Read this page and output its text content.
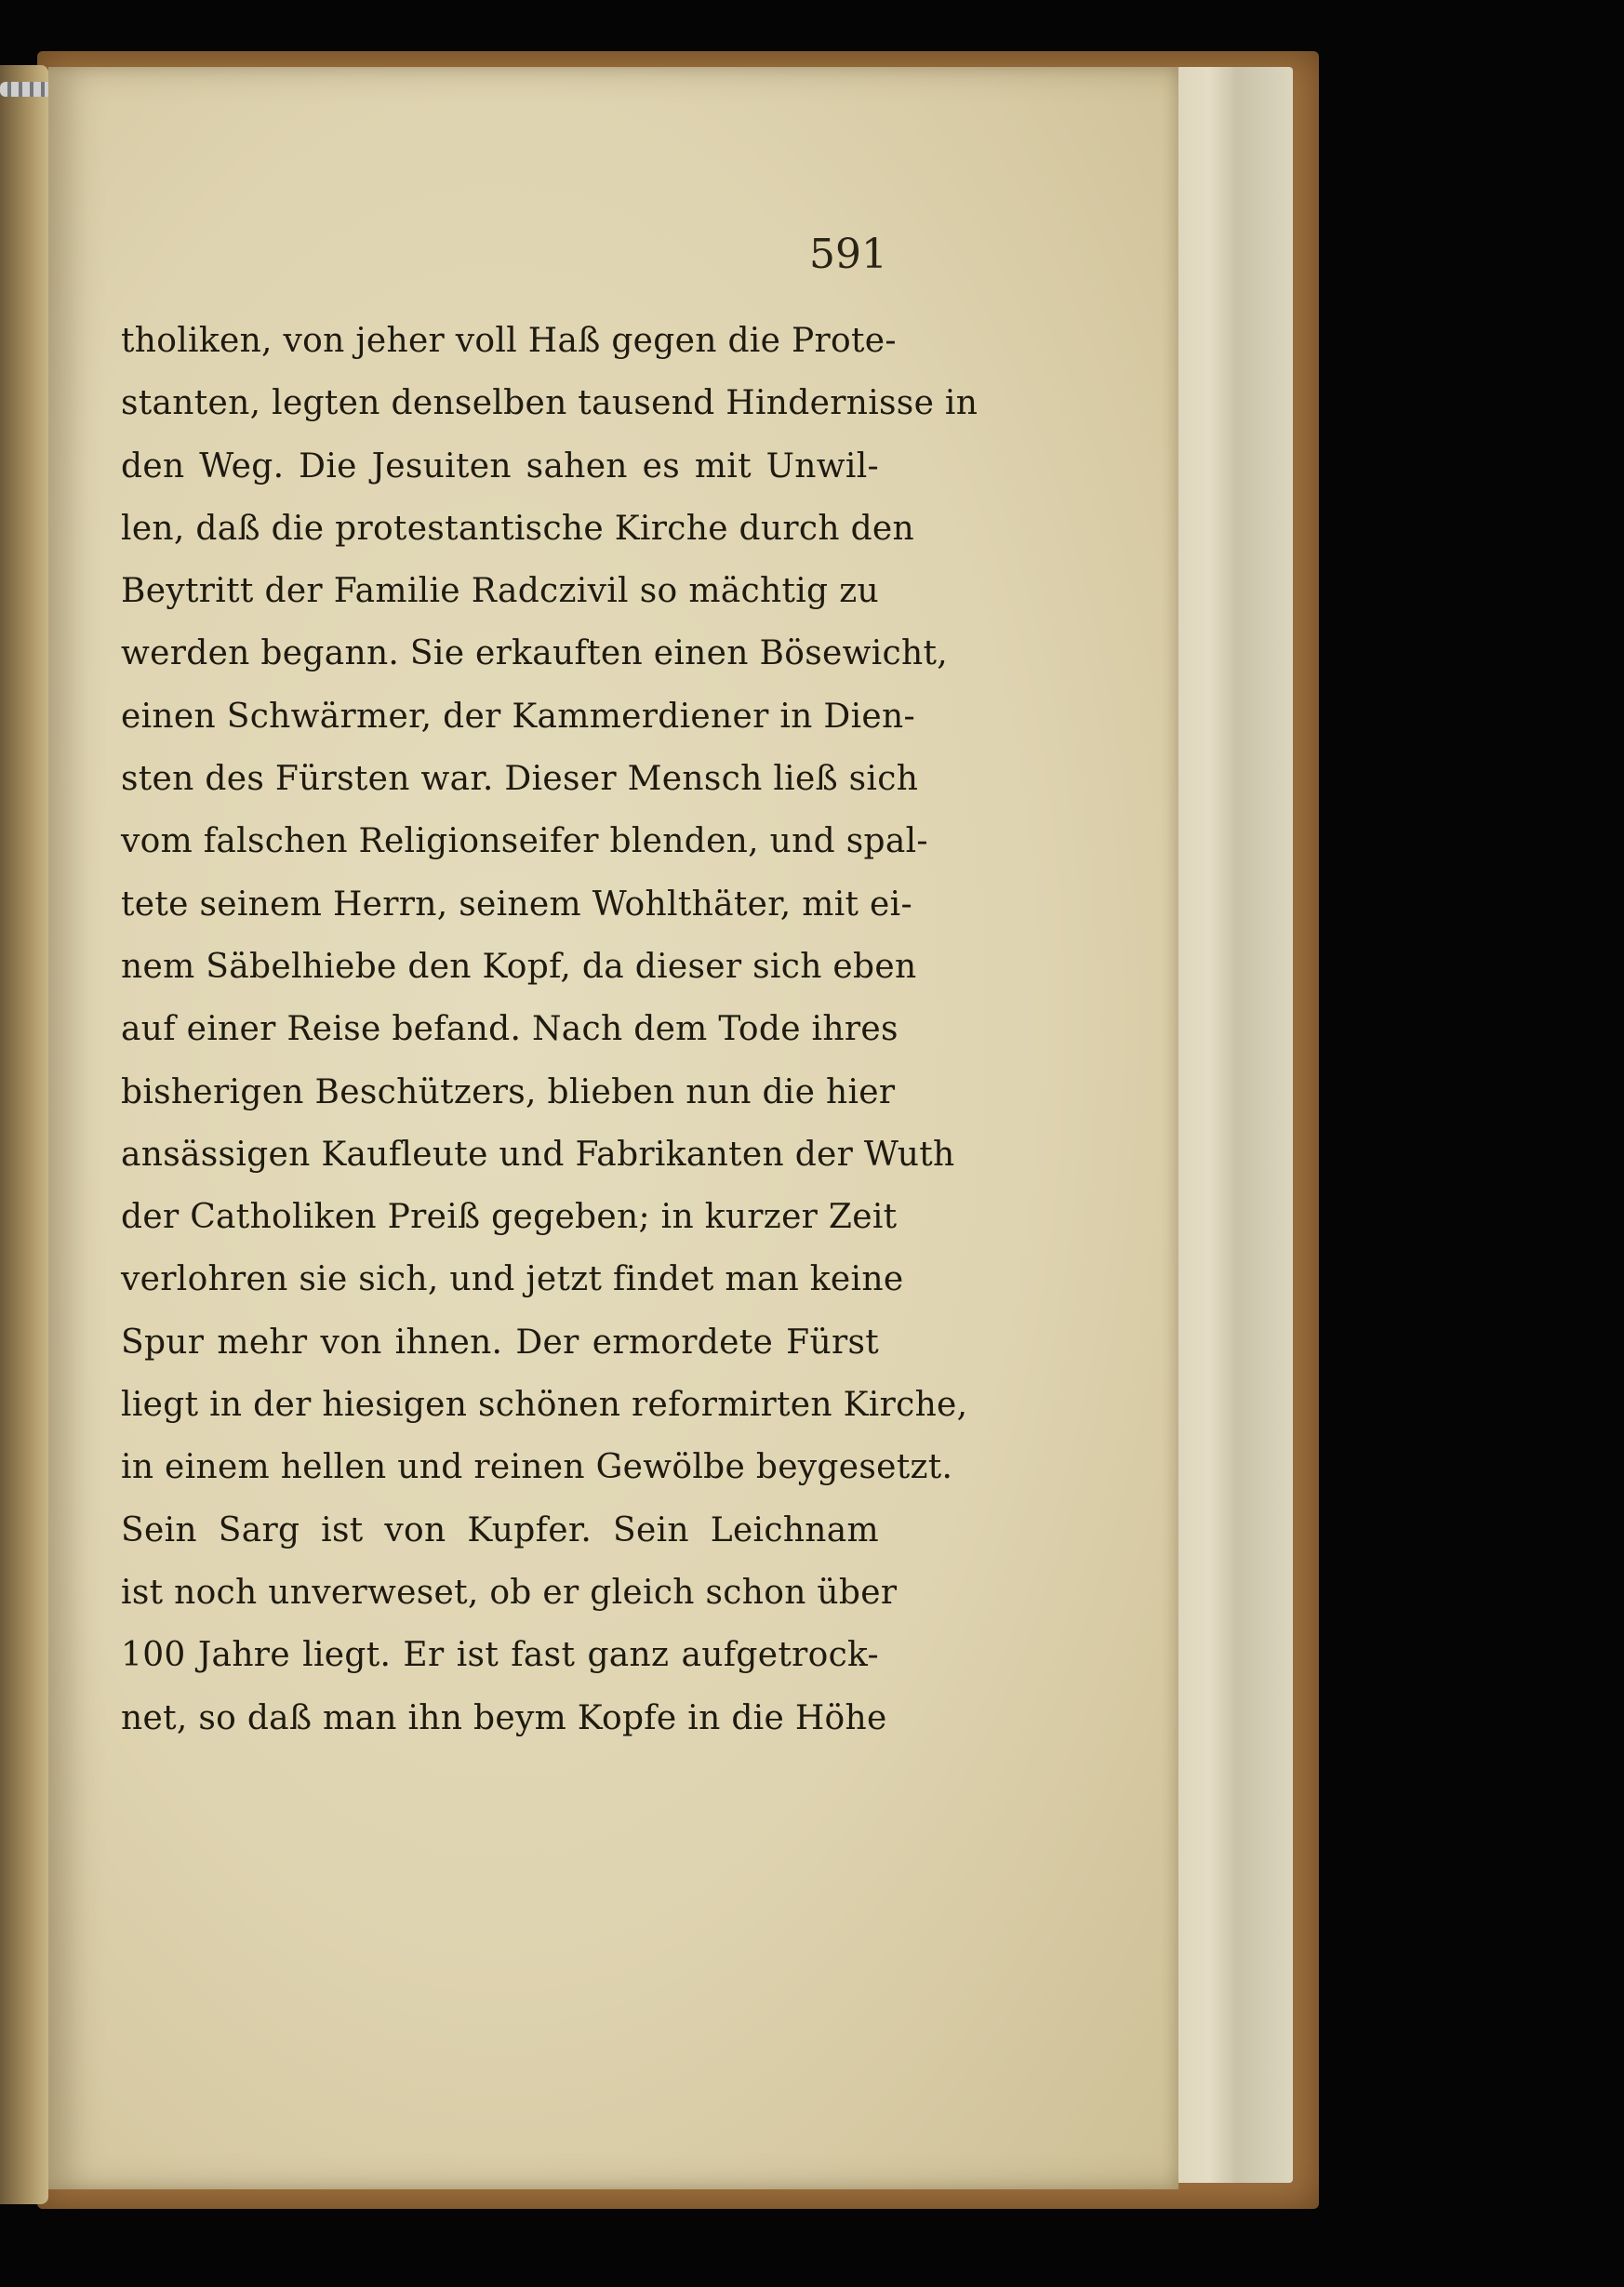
591
tholiken, von jeher voll Haß gegen die Prote-
stanten, legten denselben tausend Hindernisse in
den Weg. Die Jesuiten sahen es mit Unwil-
len, daß die protestantische Kirche durch den
Beytritt der Familie Radczivil so mächtig zu
werden begann. Sie erkauften einen Bösewicht,
einen Schwärmer, der Kammerdiener in Dien-
sten des Fürsten war. Dieser Mensch ließ sich
vom falschen Religionseifer blenden, und spal-
tete seinem Herrn, seinem Wohlthäter, mit ei-
nem Säbelhiebe den Kopf, da dieser sich eben
auf einer Reise befand. Nach dem Tode ihres
bisherigen Beschützers, blieben nun die hier
ansässigen Kaufleute und Fabrikanten der Wuth
der Catholiken Preiß gegeben; in kurzer Zeit
verlohren sie sich, und jetzt findet man keine
Spur mehr von ihnen. Der ermordete Fürst
liegt in der hiesigen schönen reformirten Kirche,
in einem hellen und reinen Gewölbe beygesetzt.
Sein Sarg ist von Kupfer. Sein Leichnam
ist noch unverweset, ob er gleich schon über
100 Jahre liegt. Er ist fast ganz aufgetrock-
net, so daß man ihn beym Kopfe in die Höhe
